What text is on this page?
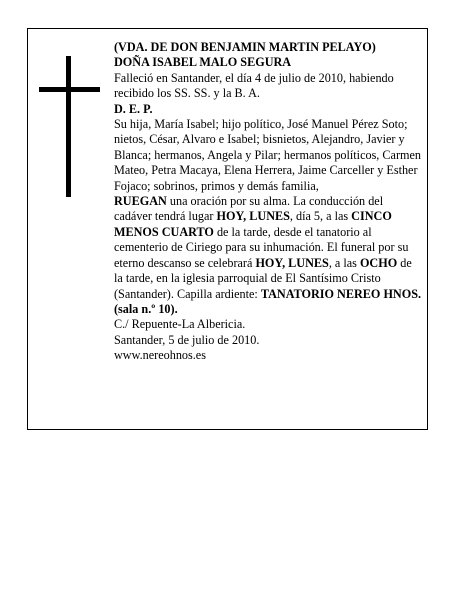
(VDA. DE DON BENJAMIN MARTIN PELAYO)

DOÑA ISABEL MALO SEGURA

Falleció en Santander, el día 4 de julio de 2010, habiendo recibido los SS. SS. y la B. A.

D. E. P.

Su hija, María Isabel; hijo político, José Manuel Pérez Soto; nietos, César, Alvaro e Isabel; bisnietos, Alejandro, Javier y Blanca; hermanos, Angela y Pilar; hermanos políticos, Carmen Mateo, Petra Macaya, Elena Herrera, Jaime Carceller y Esther Fojaco; sobrinos, primos y demás familia,

RUEGAN una oración por su alma. La conducción del cadáver tendrá lugar HOY, LUNES, día 5, a las CINCO MENOS CUARTO de la tarde, desde el tanatorio al cementerio de Ciriego para su inhumación. El funeral por su eterno descanso se celebrará HOY, LUNES, a las OCHO de la tarde, en la iglesia parroquial de El Santísimo Cristo (Santander). Capilla ardiente: TANATORIO NEREO HNOS. (sala n.º 10).

C./ Repuente-La Albericia.

Santander, 5 de julio de 2010.

www.nereohnos.es
